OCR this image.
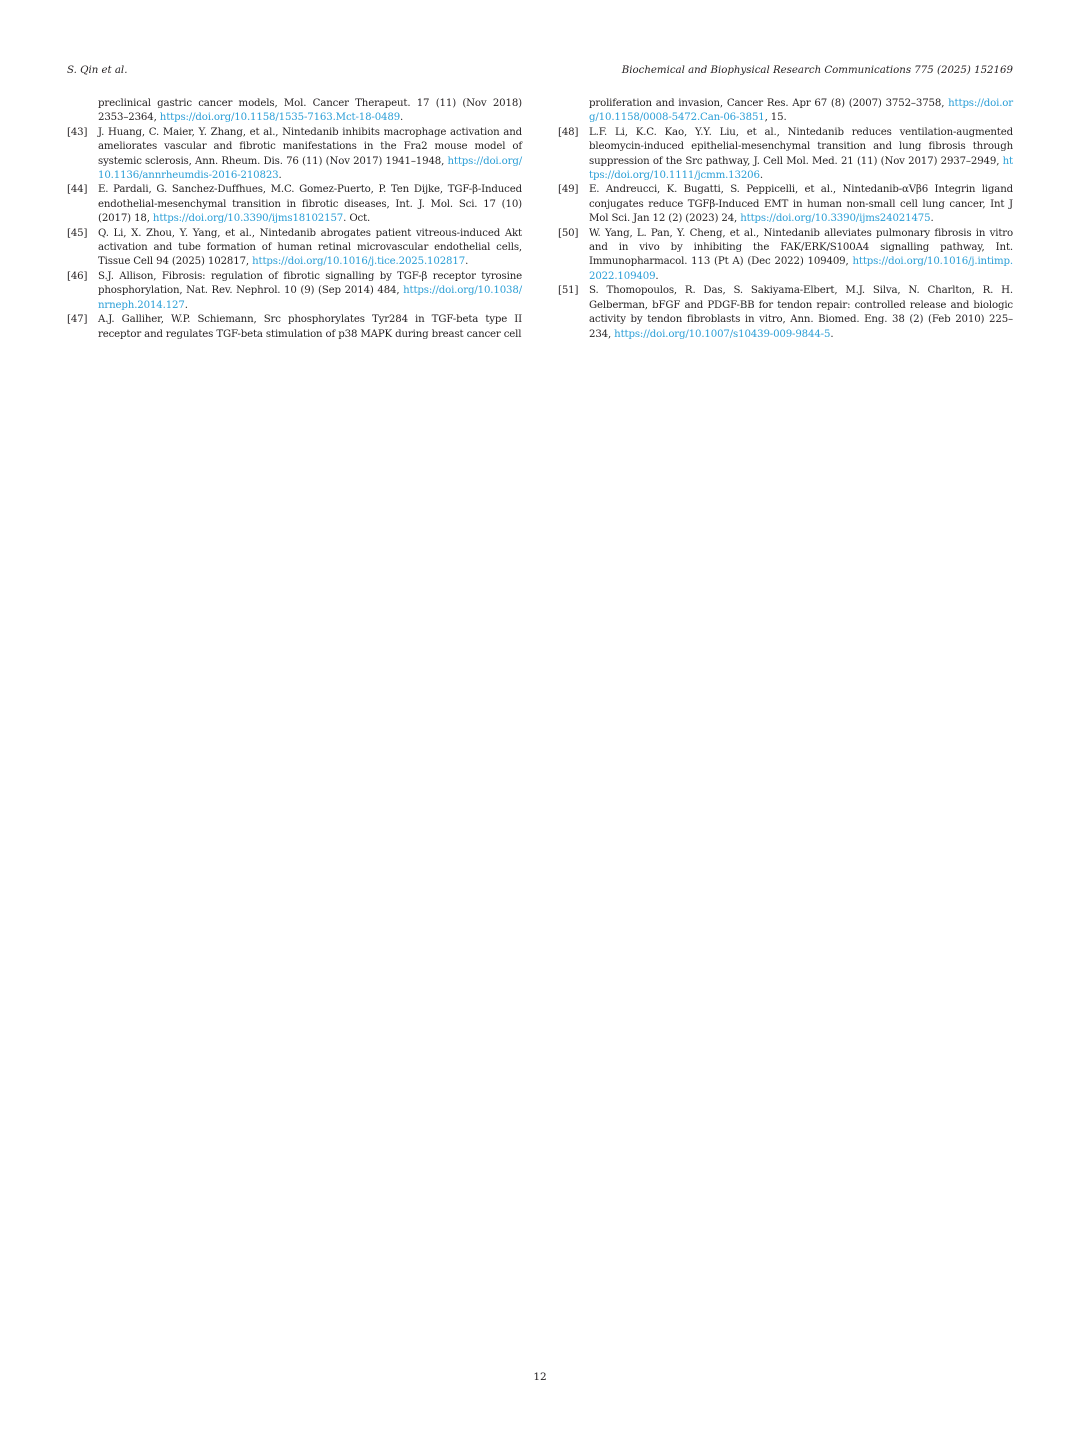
S. Qin et al.	Biochemical and Biophysical Research Communications 775 (2025) 152169
preclinical gastric cancer models, Mol. Cancer Therapeut. 17 (11) (Nov 2018) 2353–2364, https://doi.org/10.1158/1535-7163.Mct-18-0489.
[43]	J. Huang, C. Maier, Y. Zhang, et al., Nintedanib inhibits macrophage activation and ameliorates vascular and fibrotic manifestations in the Fra2 mouse model of systemic sclerosis, Ann. Rheum. Dis. 76 (11) (Nov 2017) 1941–1948, https://doi.org/10.1136/annrheumdis-2016-210823.
[44]	E. Pardali, G. Sanchez-Duffhues, M.C. Gomez-Puerto, P. Ten Dijke, TGF-β-Induced endothelial-mesenchymal transition in fibrotic diseases, Int. J. Mol. Sci. 17 (10) (2017) 18, https://doi.org/10.3390/ijms18102157. Oct.
[45]	Q. Li, X. Zhou, Y. Yang, et al., Nintedanib abrogates patient vitreous-induced Akt activation and tube formation of human retinal microvascular endothelial cells, Tissue Cell 94 (2025) 102817, https://doi.org/10.1016/j.tice.2025.102817.
[46]	S.J. Allison, Fibrosis: regulation of fibrotic signalling by TGF-β receptor tyrosine phosphorylation, Nat. Rev. Nephrol. 10 (9) (Sep 2014) 484, https://doi.org/10.1038/nrneph.2014.127.
[47]	A.J. Galliher, W.P. Schiemann, Src phosphorylates Tyr284 in TGF-beta type II receptor and regulates TGF-beta stimulation of p38 MAPK during breast cancer cell
proliferation and invasion, Cancer Res. Apr 67 (8) (2007) 3752–3758, https://doi.org/10.1158/0008-5472.Can-06-3851, 15.
[48]	L.F. Li, K.C. Kao, Y.Y. Liu, et al., Nintedanib reduces ventilation-augmented bleomycin-induced epithelial-mesenchymal transition and lung fibrosis through suppression of the Src pathway, J. Cell Mol. Med. 21 (11) (Nov 2017) 2937–2949, https://doi.org/10.1111/jcmm.13206.
[49]	E. Andreucci, K. Bugatti, S. Peppicelli, et al., Nintedanib-αVβ6 Integrin ligand conjugates reduce TGFβ-Induced EMT in human non-small cell lung cancer, Int J Mol Sci. Jan 12 (2) (2023) 24, https://doi.org/10.3390/ijms24021475.
[50]	W. Yang, L. Pan, Y. Cheng, et al., Nintedanib alleviates pulmonary fibrosis in vitro and in vivo by inhibiting the FAK/ERK/S100A4 signalling pathway, Int. Immunopharmacol. 113 (Pt A) (Dec 2022) 109409, https://doi.org/10.1016/j.intimp.2022.109409.
[51]	S. Thomopoulos, R. Das, S. Sakiyama-Elbert, M.J. Silva, N. Charlton, R. H. Gelberman, bFGF and PDGF-BB for tendon repair: controlled release and biologic activity by tendon fibroblasts in vitro, Ann. Biomed. Eng. 38 (2) (Feb 2010) 225–234, https://doi.org/10.1007/s10439-009-9844-5.
12
